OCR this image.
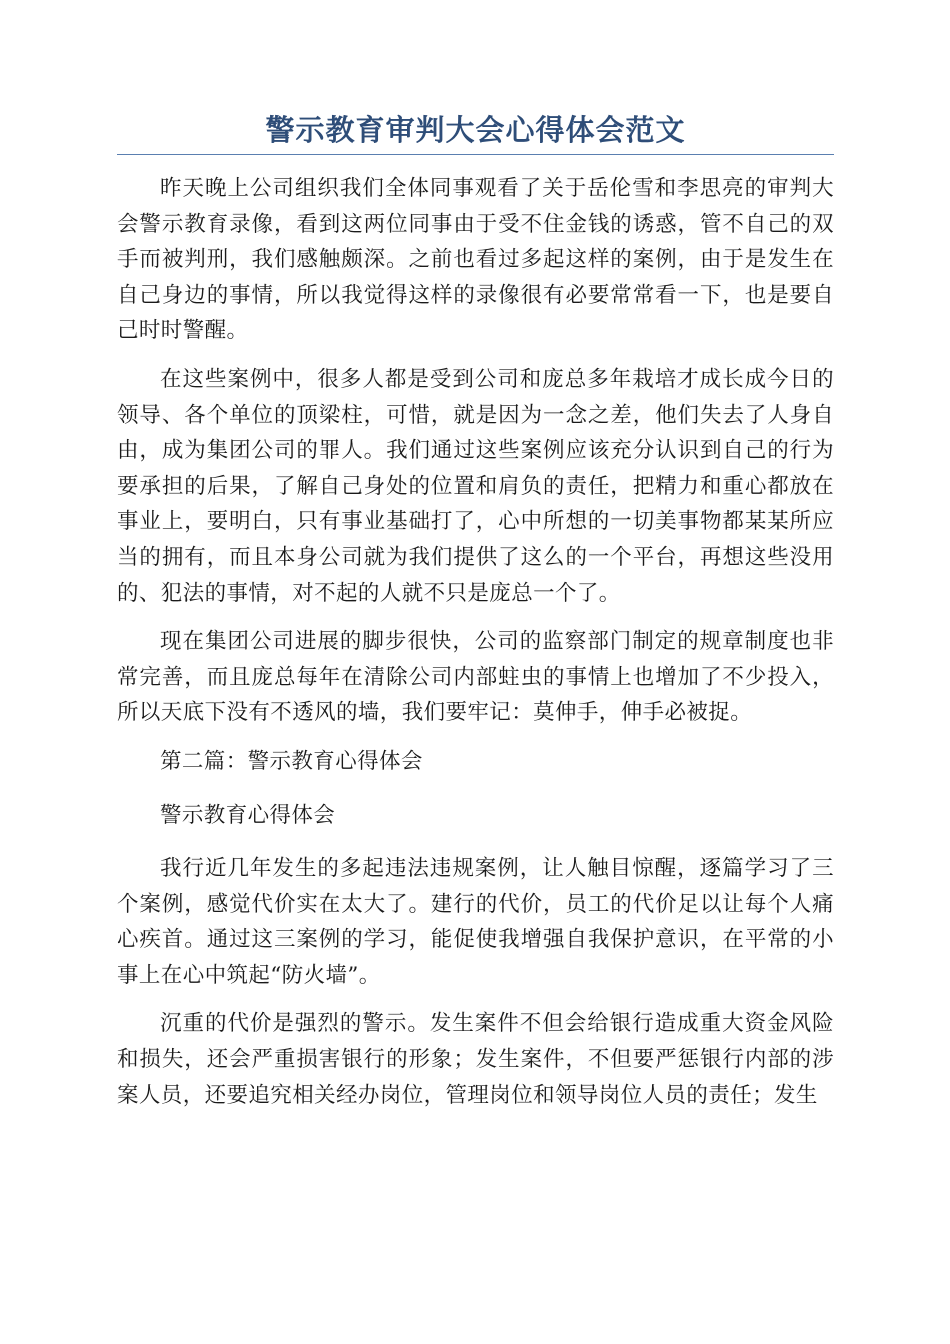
警示教育审判大会心得体会范文

昨天晚上公司组织我们全体同事观看了关于岳伦雪和李思亮的审判大会警示教育录像，看到这两位同事由于受不住金钱的诱惑，管不自己的双手而被判刑，我们感触颇深。之前也看过多起这样的案例，由于是发生在自己身边的事情，所以我觉得这样的录像很有必要常常看一下，也是要自己时时警醒。

在这些案例中，很多人都是受到公司和庞总多年栽培才成长成今日的领导、各个单位的顶梁柱，可惜，就是因为一念之差，他们失去了人身自由，成为集团公司的罪人。我们通过这些案例应该充分认识到自己的行为要承担的后果，了解自己身处的位置和肩负的责任，把精力和重心都放在事业上，要明白，只有事业基础打了，心中所想的一切美事物都某某所应当的拥有，而且本身公司就为我们提供了这么的一个平台，再想这些没用的、犯法的事情，对不起的人就不只是庞总一个了。

现在集团公司进展的脚步很快，公司的监察部门制定的规章制度也非常完善，而且庞总每年在清除公司内部蛀虫的事情上也增加了不少投入，所以天底下没有不透风的墙，我们要牢记：莫伸手，伸手必被捉。

第二篇：警示教育心得体会

警示教育心得体会

我行近几年发生的多起违法违规案例，让人触目惊醒，逐篇学习了三个案例，感觉代价实在太大了。建行的代价，员工的代价足以让每个人痛心疾首。通过这三案例的学习，能促使我增强自我保护意识，在平常的小事上在心中筑起“防火墙”。

沉重的代价是强烈的警示。发生案件不但会给银行造成重大资金风险和损失，还会严重损害银行的形象；发生案件，不但要严惩银行内部的涉案人员，还要追究相关经办岗位，管理岗位和领导岗位人员的责任；发生
